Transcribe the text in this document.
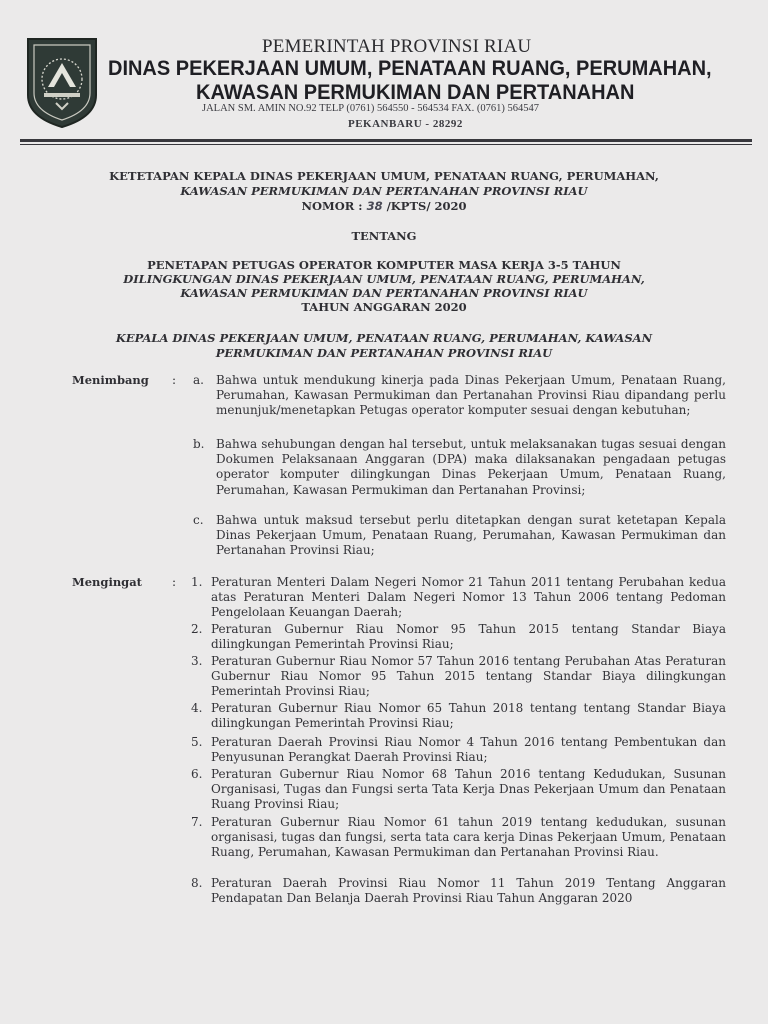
PEMERINTAH PROVINSI RIAU
DINAS PEKERJAAN UMUM, PENATAAN RUANG, PERUMAHAN,
KAWASAN PERMUKIMAN DAN PERTANAHAN
JALAN SM. AMIN NO.92 TELP (0761) 564550 - 564534 FAX. (0761) 564547
PEKANBARU - 28292
KETETAPAN KEPALA DINAS PEKERJAAN UMUM, PENATAAN RUANG, PERUMAHAN,
KAWASAN PERMUKIMAN DAN PERTANAHAN PROVINSI RIAU
NOMOR : 38 /KPTS/ 2020
TENTANG
PENETAPAN PETUGAS OPERATOR KOMPUTER MASA KERJA 3-5 TAHUN
DILINGKUNGAN DINAS PEKERJAAN UMUM, PENATAAN RUANG, PERUMAHAN,
KAWASAN PERMUKIMAN DAN PERTANAHAN PROVINSI RIAU
TAHUN ANGGARAN 2020
KEPALA DINAS PEKERJAAN UMUM, PENATAAN RUANG, PERUMAHAN, KAWASAN
PERMUKIMAN DAN PERTANAHAN PROVINSI RIAU
Menimbang : a. Bahwa untuk mendukung kinerja pada Dinas Pekerjaan Umum, Penataan Ruang, Perumahan, Kawasan Permukiman dan Pertanahan Provinsi Riau dipandang perlu menunjuk/menetapkan Petugas operator komputer sesuai dengan kebutuhan;
b. Bahwa sehubungan dengan hal tersebut, untuk melaksanakan tugas sesuai dengan Dokumen Pelaksanaan Anggaran (DPA) maka dilaksanakan pengadaan petugas operator komputer dilingkungan Dinas Pekerjaan Umum, Penataan Ruang, Perumahan, Kawasan Permukiman dan Pertanahan Provinsi;
c. Bahwa untuk maksud tersebut perlu ditetapkan dengan surat ketetapan Kepala Dinas Pekerjaan Umum, Penataan Ruang, Perumahan, Kawasan Permukiman dan Pertanahan Provinsi Riau;
Mengingat	: 1. Peraturan Menteri Dalam Negeri Nomor 21 Tahun 2011 tentang Perubahan kedua atas Peraturan Menteri Dalam Negeri Nomor 13 Tahun 2006 tentang Pedoman Pengelolaan Keuangan Daerah;
2. Peraturan Gubernur Riau Nomor 95 Tahun 2015 tentang Standar Biaya dilingkungan Pemerintah Provinsi Riau;
3. Peraturan Gubernur Riau Nomor 57 Tahun 2016 tentang Perubahan Atas Peraturan Gubernur Riau Nomor 95 Tahun 2015 tentang Standar Biaya dilingkungan Pemerintah Provinsi Riau;
4. Peraturan Gubernur Riau Nomor 65 Tahun 2018 tentang tentang Standar Biaya dilingkungan Pemerintah Provinsi Riau;
5. Peraturan Daerah Provinsi Riau Nomor 4 Tahun 2016 tentang Pembentukan dan Penyusunan Perangkat Daerah Provinsi Riau;
6. Peraturan Gubernur Riau Nomor 68 Tahun 2016 tentang Kedudukan, Susunan Organisasi, Tugas dan Fungsi serta Tata Kerja Dnas Pekerjaan Umum dan Penataan Ruang Provinsi Riau;
7. Peraturan Gubernur Riau Nomor 61 tahun 2019 tentang kedudukan, susunan organisasi, tugas dan fungsi, serta tata cara kerja Dinas Pekerjaan Umum, Penataan Ruang, Perumahan, Kawasan Permukiman dan Pertanahan Provinsi Riau.
8. Peraturan Daerah Provinsi Riau Nomor 11 Tahun 2019 Tentang Anggaran Pendapatan Dan Belanja Daerah Provinsi Riau Tahun Anggaran 2020
